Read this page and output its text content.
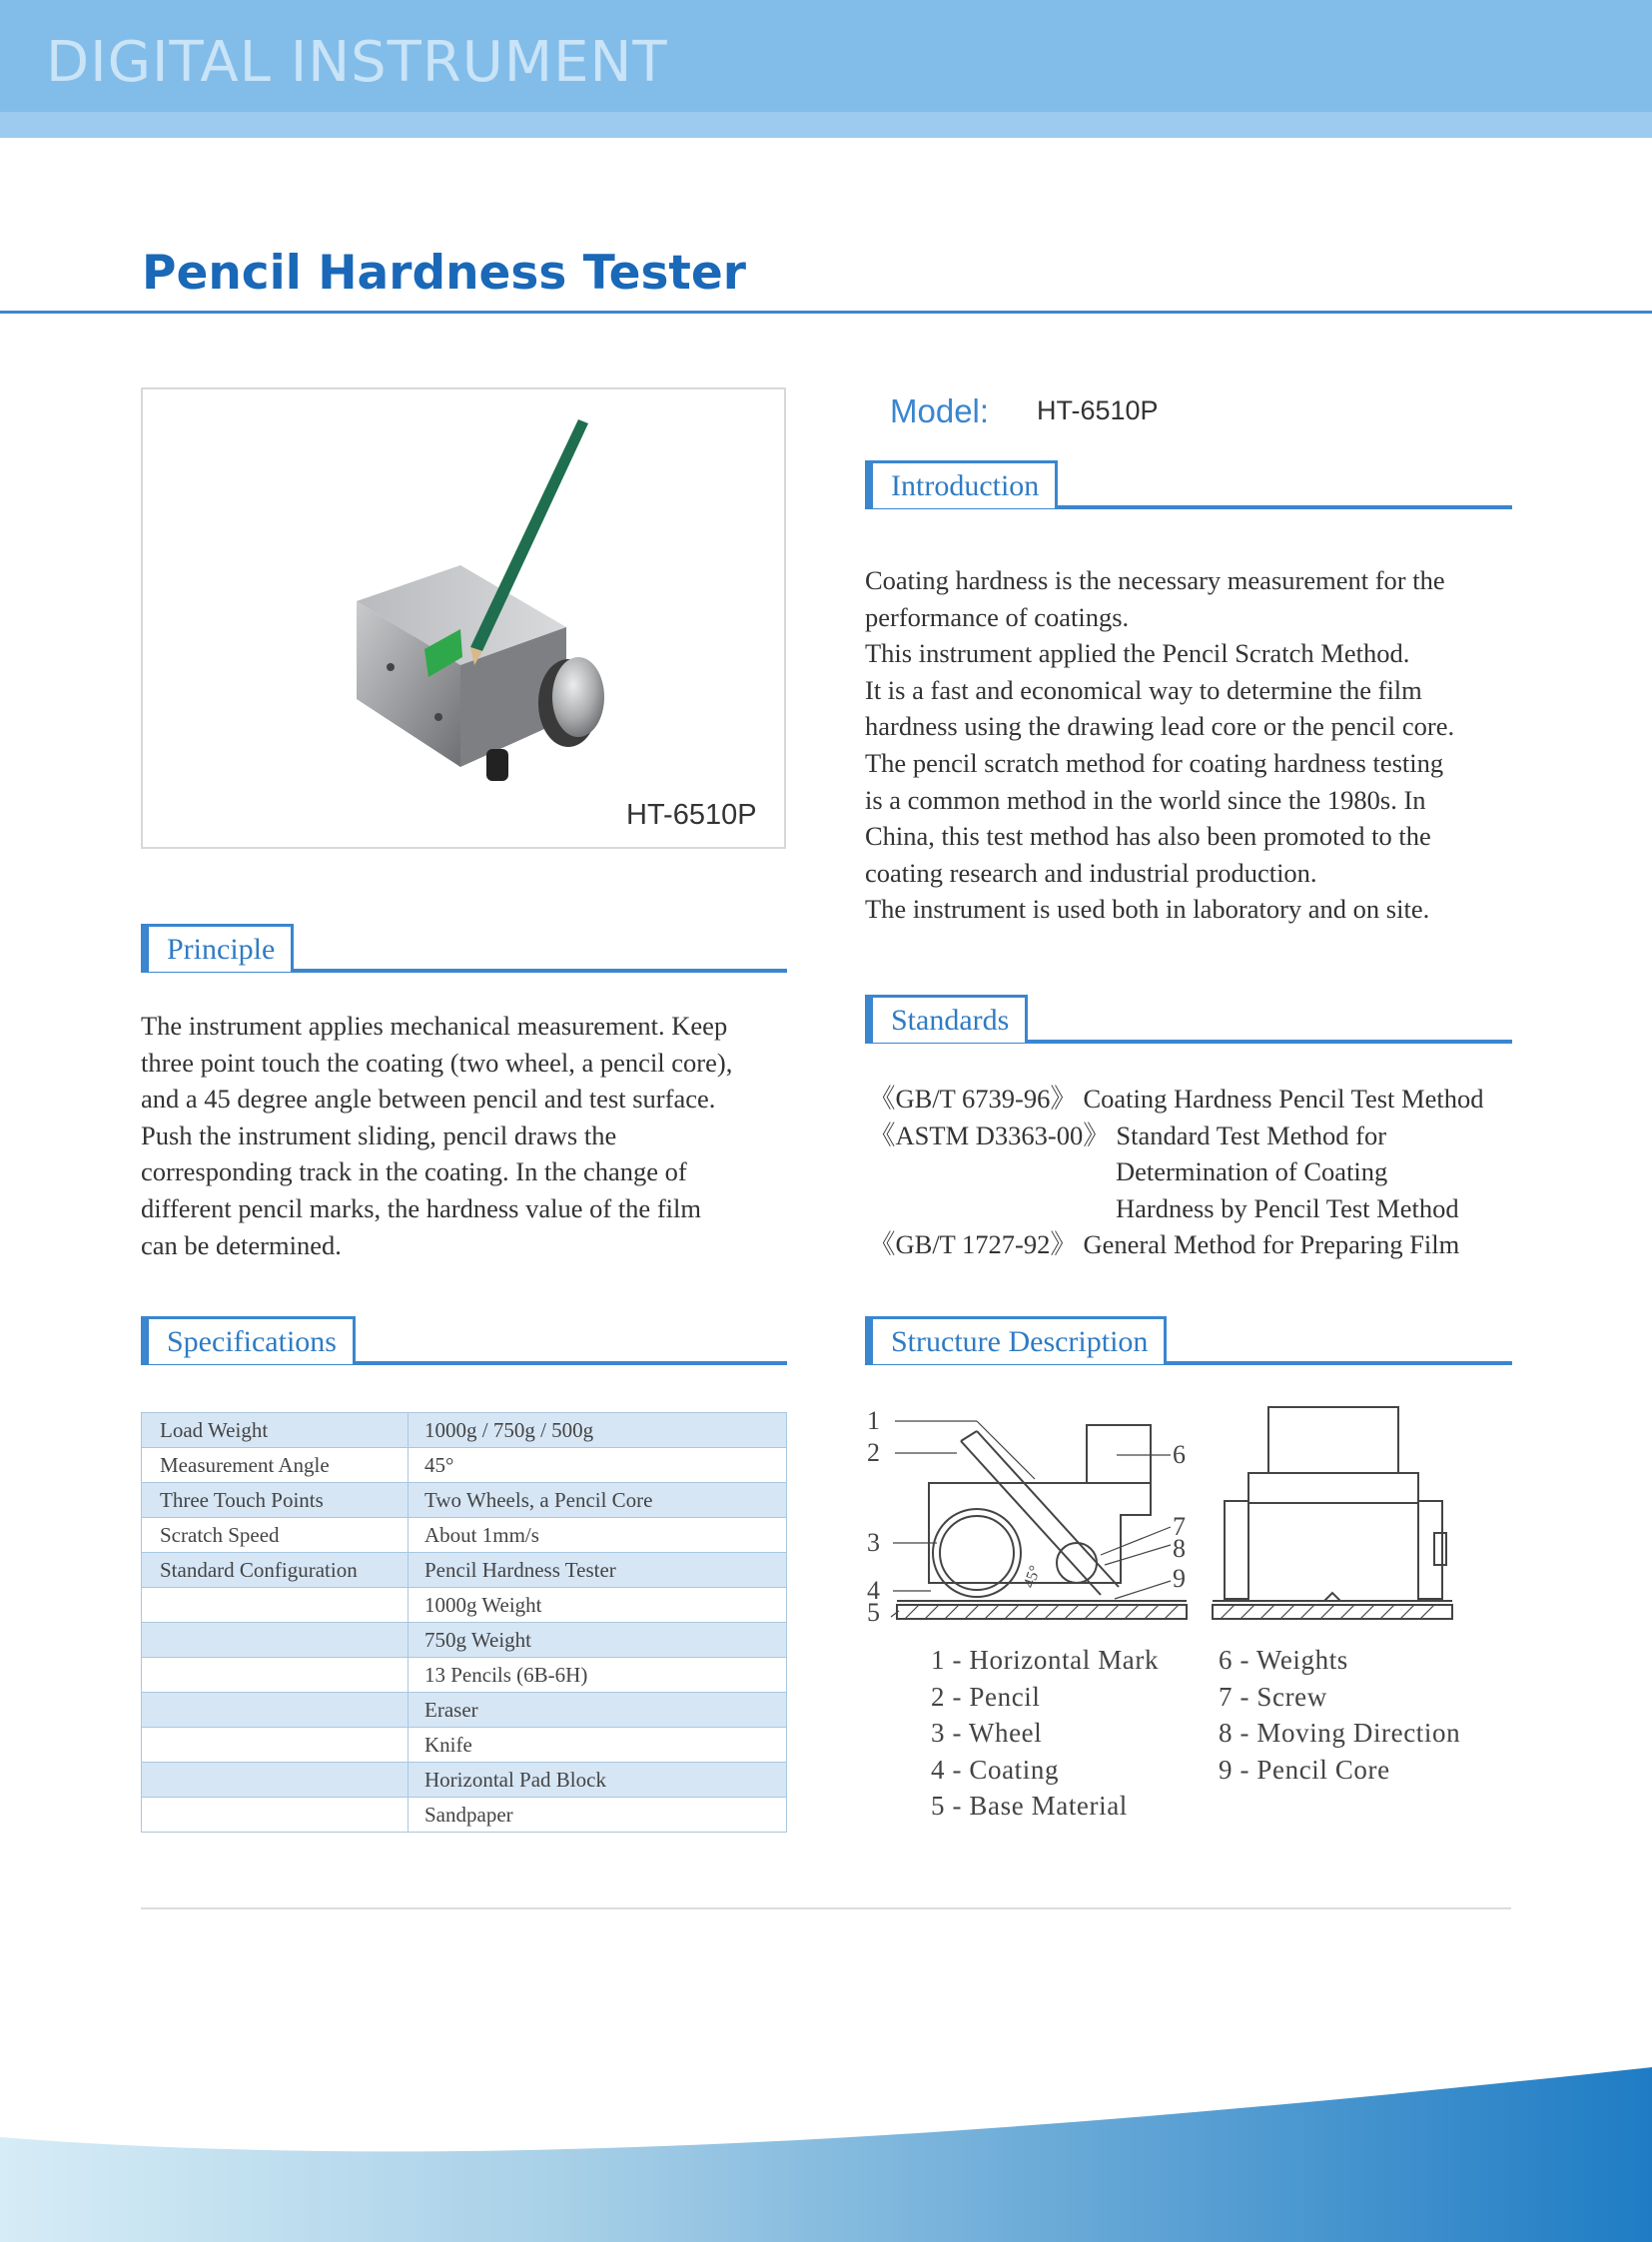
DIGITAL INSTRUMENT
Pencil Hardness Tester
HT-6510P
Model: HT-6510P
Introduction

Coating hardness is the necessary measurement for the

performance of coatings.

This instrument applied the Pencil Scratch Method.

It is a fast and economical way to determine the film

hardness using the drawing lead core or the pencil core.

The pencil scratch method for coating hardness testing

is a common method in the world since the 1980s. In

China, this test method has also been promoted to the

coating research and industrial production.

The instrument is used both in laboratory and on site.

Principle

The instrument applies mechanical measurement. Keep

three point touch the coating (two wheel, a pencil core),

and a 45 degree angle between pencil and test surface.

Push the instrument sliding, pencil draws the

corresponding track in the coating. In the change of

different pencil marks, the hardness value of the film

can be determined.

Standards
《GB/T 6739-96》 Coating Hardness Pencil Test Method
《ASTM D3363-00》 Standard Test Method for
Determination of Coating
Hardness by Pencil Test Method
《GB/T 1727-92》 General Method for Preparing Film
Specifications
Load Weight	1000g / 750g / 500g
Measurement Angle	45°
Three Touch Points	Two Wheels, a Pencil Core
Scratch Speed	About 1mm/s
Standard Configuration	Pencil Hardness Tester
	1000g Weight
	750g Weight
	13 Pencils (6B-6H)
	Eraser
	Knife
	Horizontal Pad Block
	Sandpaper
Structure Description
1
2
3
4
5
6
7
8
9
45°
1 - Horizontal Mark
2 - Pencil
3 - Wheel
4 - Coating
5 - Base Material
6 - Weights
7 - Screw
8 - Moving Direction
9 - Pencil Core
